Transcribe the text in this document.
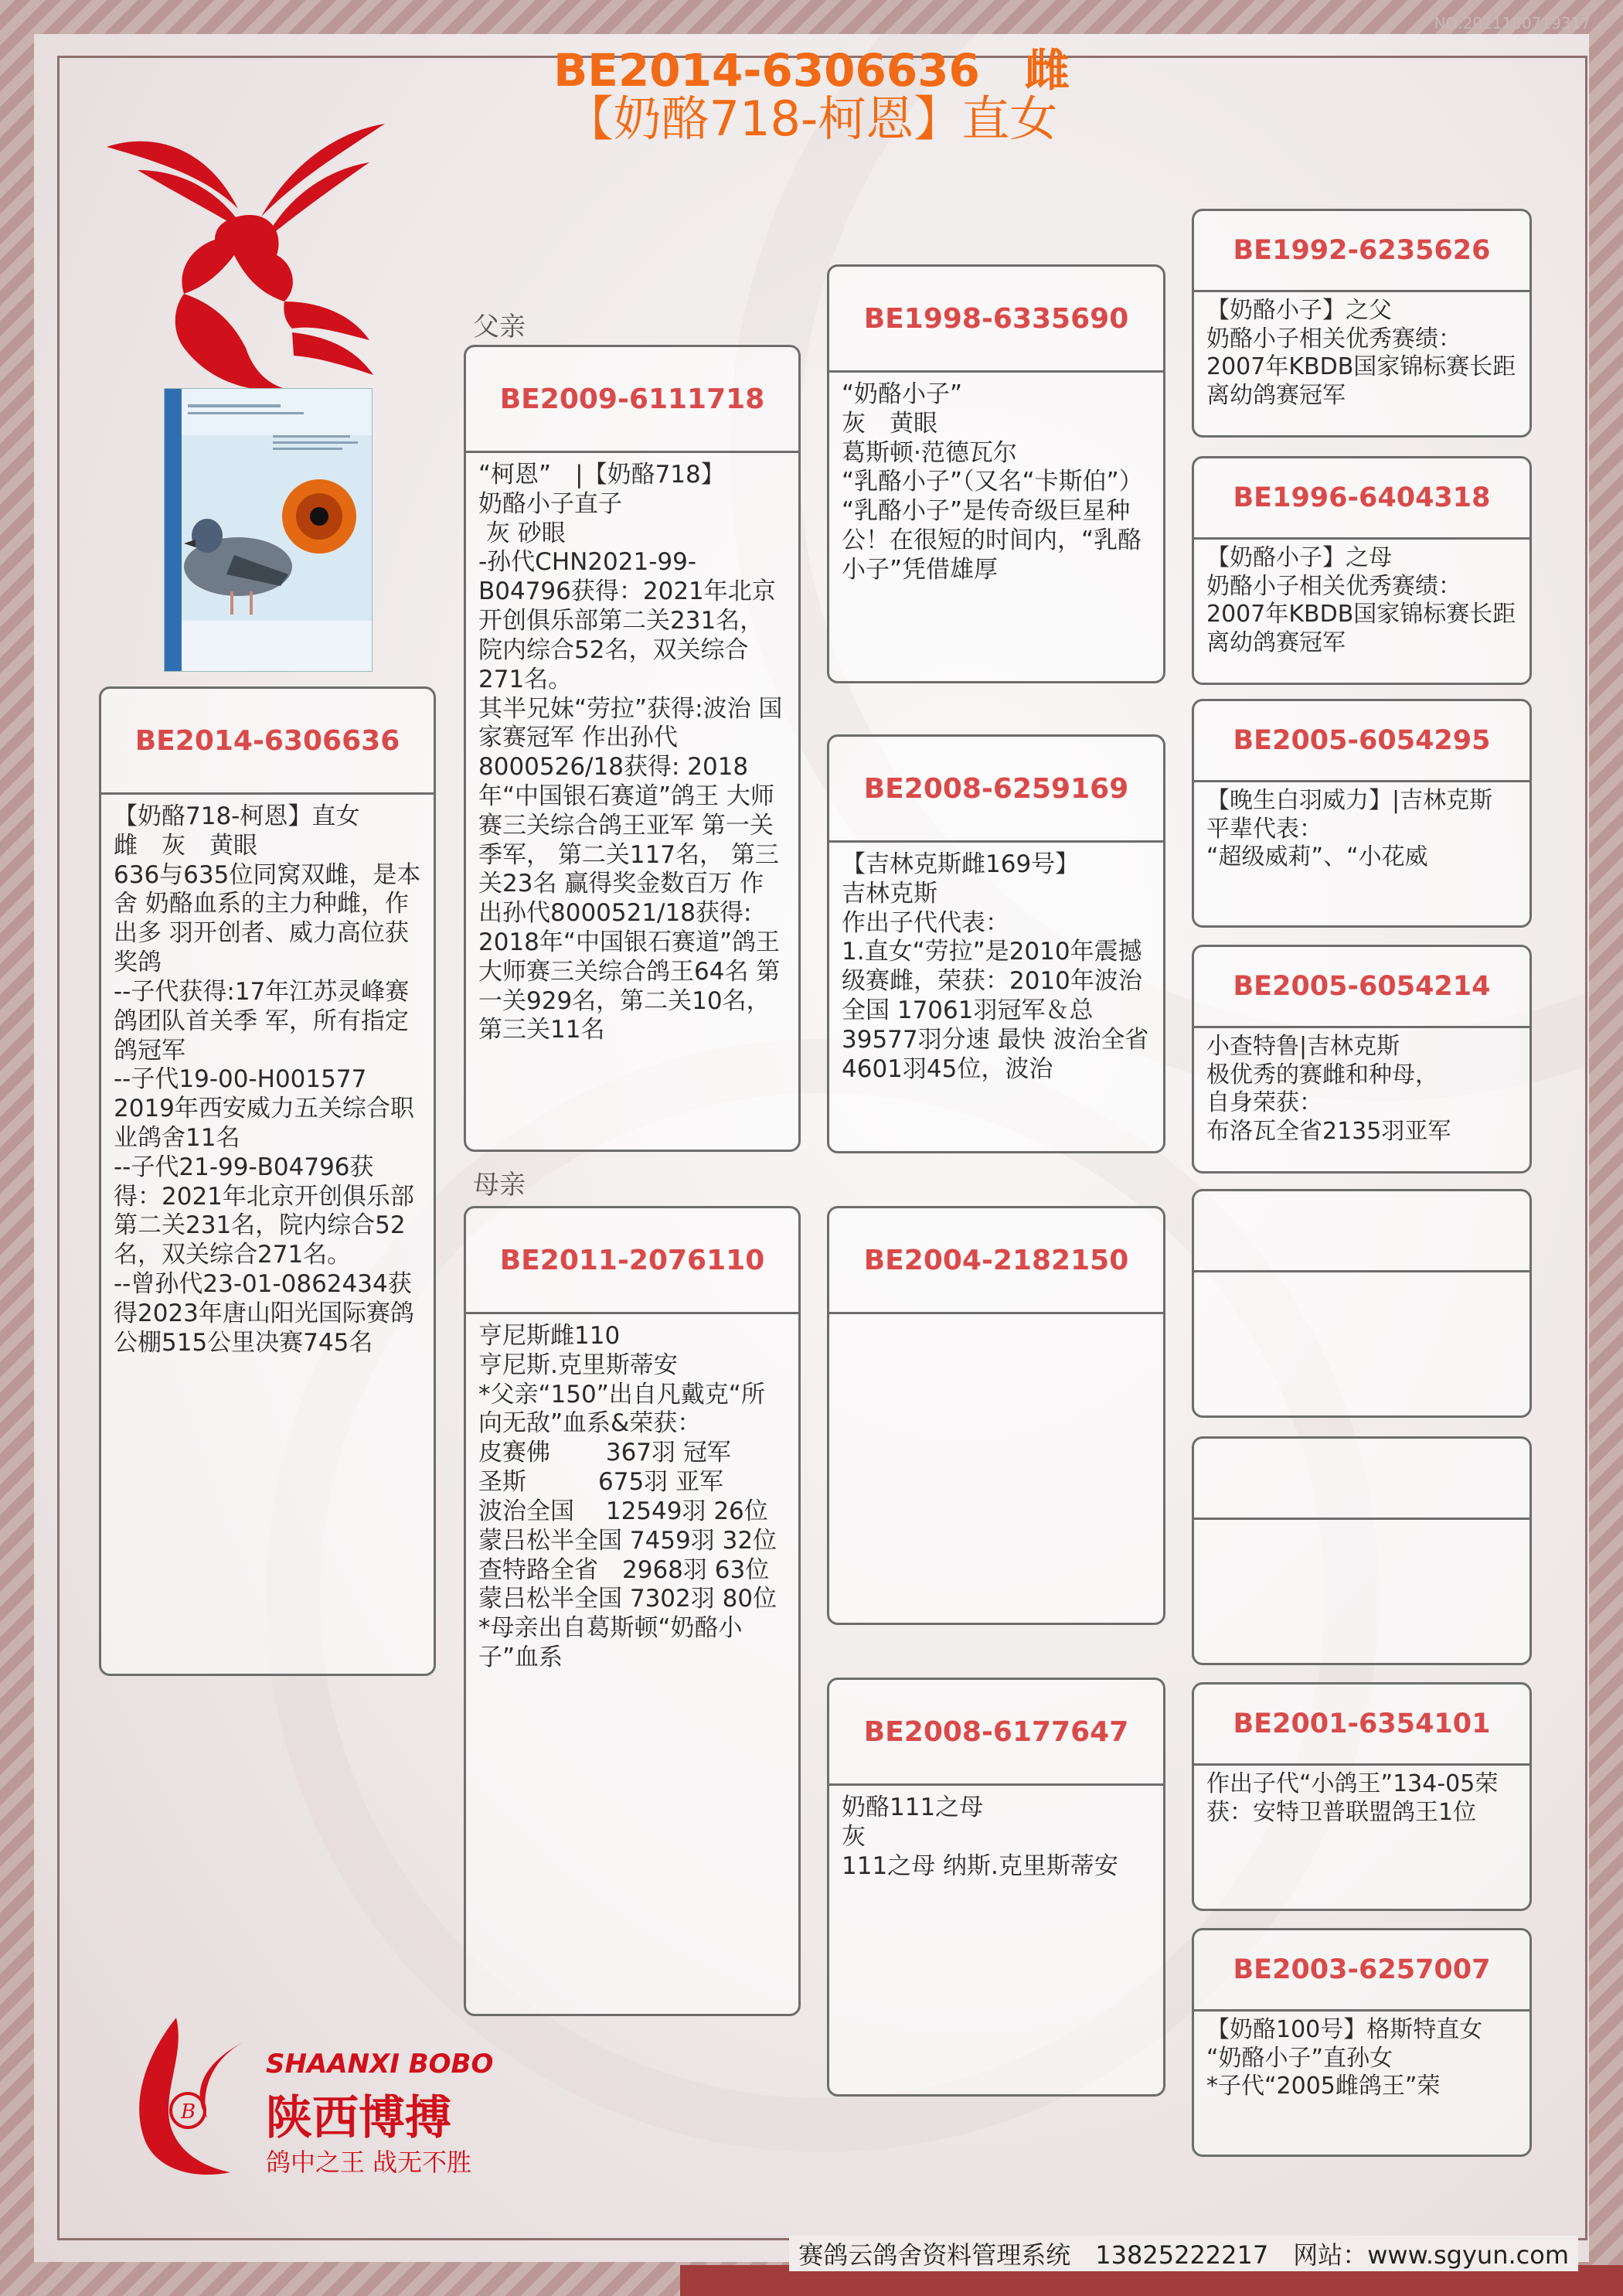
NO:2021100719317
BE2014-6306636　雌
【奶酪718-柯恩】直女
父亲
母亲
BE2014-6306636
【奶酪718-柯恩】直女
雌　灰　黄眼
636与635位同窝双雌，是本舍 奶酪血系的主力种雌，作出多 羽开创者、威力高位获奖鸽
--子代获得:17年江苏灵峰赛鸽团队首关季 军，所有指定鸽冠军
--子代19-00-H001577 2019年西安威力五关综合职业鸽舍11名
--子代21-99-B04796获得：2021年北京开创俱乐部第二关231名，院内综合52名，双关综合271名。
--曾孙代23-01-0862434获得2023年唐山阳光国际赛鸽公棚515公里决赛745名
BE2009-6111718
“柯恩”　|【奶酪718】
奶酪小子直子
灰 砂眼
-孙代CHN2021-99-B04796获得：2021年北京开创俱乐部第二关231名，院内综合52名，双关综合271名。
其半兄妹“劳拉”获得:波治 国家赛冠军 作出孙代8000526/18获得: 2018年“中国银石赛道”鸽王 大师赛三关综合鸽王亚军 第一关季军， 第二关117名， 第三关23名 赢得奖金数百万 作出孙代8000521/18获得: 2018年“中国银石赛道”鸽王 大师赛三关综合鸽王64名 第一关929名，第二关10名， 第三关11名
BE2011-2076110
亨尼斯雌110
亨尼斯.克里斯蒂安
*父亲“150”出自凡戴克“所向无敌”血系&荣获：
皮赛佛　　 367羽 冠军
圣斯　　　675羽 亚军
波治全国　 12549羽 26位
蒙吕松半全国 7459羽 32位
查特路全省　2968羽 63位
蒙吕松半全国 7302羽 80位
*母亲出自葛斯顿“奶酪小子”血系
BE1998-6335690
“奶酪小子”
灰　黄眼
葛斯顿·范德瓦尔
“乳酪小子”（又名“卡斯伯”）
“乳酪小子”是传奇级巨星种公！在很短的时间内，“乳酪小子”凭借雄厚
BE2008-6259169
【吉林克斯雌169号】
吉林克斯
作出子代代表：
1.直女“劳拉”是2010年震撼级赛雌，荣获：2010年波治全国 17061羽冠军＆总39577羽分速 最快 波治全省4601羽45位，波治
BE2004-2182150
BE2008-6177647
奶酪111之母
灰
111之母 纳斯.克里斯蒂安
BE1992-6235626
【奶酪小子】之父
奶酪小子相关优秀赛绩：
2007年KBDB国家锦标赛长距离幼鸽赛冠军
BE1996-6404318
【奶酪小子】之母
奶酪小子相关优秀赛绩：
2007年KBDB国家锦标赛长距离幼鸽赛冠军
BE2005-6054295
【晚生白羽威力】|吉林克斯
平辈代表：
“超级威莉”、“小花威
BE2005-6054214
小查特鲁|吉林克斯
极优秀的赛雌和种母，
自身荣获：
布洛瓦全省2135羽亚军
BE2001-6354101
作出子代“小鸽王”134-05荣获：安特卫普联盟鸽王1位
BE2003-6257007
【奶酪100号】格斯特直女
“奶酪小子”直孙女
*子代“2005雌鸽王”荣
B
SHAANXI BOBO
陕西博搏
鸽中之王 战无不胜
赛鸽云鸽舍资料管理系统　13825222217　网站：www.sgyun.com
